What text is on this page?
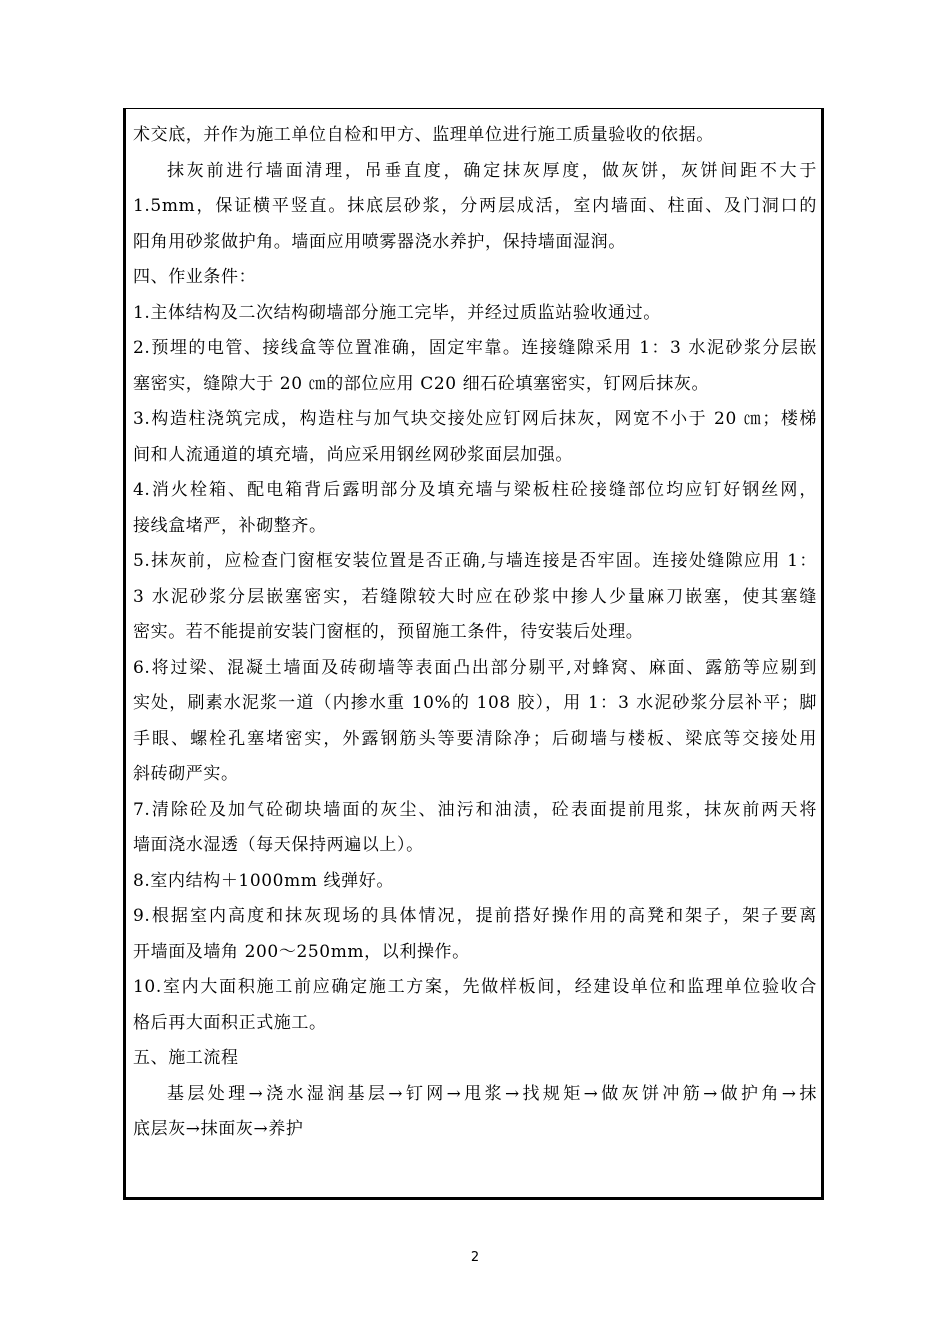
术交底，并作为施工单位自检和甲方、监理单位进行施工质量验收的依据。
抹灰前进行墙面清理，吊垂直度，确定抹灰厚度，做灰饼，灰饼间距不大于
1.5mm，保证横平竖直。抹底层砂浆，分两层成活，室内墙面、柱面、及门洞口的
阳角用砂浆做护角。墙面应用喷雾器浇水养护，保持墙面湿润。
四、作业条件：
1.主体结构及二次结构砌墙部分施工完毕，并经过质监站验收通过。
2.预埋的电管、接线盒等位置准确，固定牢靠。连接缝隙采用 1：3 水泥砂浆分层嵌
塞密实，缝隙大于 20 ㎝的部位应用 C20 细石砼填塞密实，钉网后抹灰。
3.构造柱浇筑完成，构造柱与加气块交接处应钉网后抹灰，网宽不小于 20 ㎝；楼梯
间和人流通道的填充墙，尚应采用钢丝网砂浆面层加强。
4.消火栓箱、配电箱背后露明部分及填充墙与梁板柱砼接缝部位均应钉好钢丝网，
接线盒堵严，补砌整齐。
5.抹灰前，应检查门窗框安装位置是否正确,与墙连接是否牢固。连接处缝隙应用 1：
3 水泥砂浆分层嵌塞密实，若缝隙较大时应在砂浆中掺人少量麻刀嵌塞，使其塞缝
密实。若不能提前安装门窗框的，预留施工条件，待安装后处理。
6.将过梁、混凝土墙面及砖砌墙等表面凸出部分剔平,对蜂窝、麻面、露筋等应剔到
实处，刷素水泥浆一道（内掺水重 10%的 108 胶），用 1：3 水泥砂浆分层补平；脚
手眼、螺栓孔塞堵密实，外露钢筋头等要清除净；后砌墙与楼板、梁底等交接处用
斜砖砌严实。
7.清除砼及加气砼砌块墙面的灰尘、油污和油渍，砼表面提前甩浆，抹灰前两天将
墙面浇水湿透（每天保持两遍以上）。
8.室内结构＋1000mm 线弹好。
9.根据室内高度和抹灰现场的具体情况，提前搭好操作用的高凳和架子，架子要离
开墙面及墙角 200～250mm，以利操作。
10.室内大面积施工前应确定施工方案，先做样板间，经建设单位和监理单位验收合
格后再大面积正式施工。
五、施工流程
基层处理→浇水湿润基层→钉网→甩浆→找规矩→做灰饼冲筋→做护角→抹
底层灰→抹面灰→养护
2
